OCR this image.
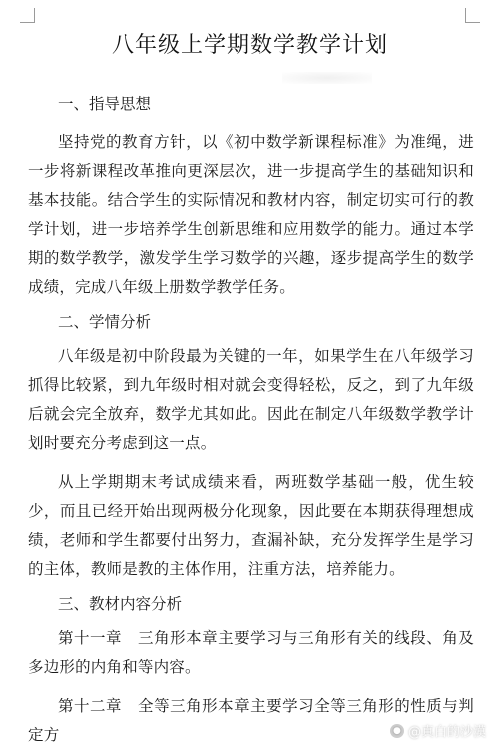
八年级上学期数学教学计划

一、指导思想

坚持党的教育方针，以《初中数学新课程标准》为准绳，进一步将新课程改革推向更深层次，进一步提高学生的基础知识和基本技能。结合学生的实际情况和教材内容，制定切实可行的教学计划，进一步培养学生创新思维和应用数学的能力。通过本学期的数学教学，激发学生学习数学的兴趣，逐步提高学生的数学成绩，完成八年级上册数学教学任务。

二、学情分析

八年级是初中阶段最为关键的一年，如果学生在八年级学习抓得比较紧，到九年级时相对就会变得轻松，反之，到了九年级后就会完全放弃，数学尤其如此。因此在制定八年级数学教学计划时要充分考虑到这一点。

从上学期期末考试成绩来看，两班数学基础一般，优生较少，而且已经开始出现两极分化现象，因此要在本期获得理想成绩，老师和学生都要付出努力，查漏补缺，充分发挥学生是学习的主体，教师是教的主体作用，注重方法，培养能力。

三、教材内容分析

第十一章　三角形本章主要学习与三角形有关的线段、角及多边形的内角和等内容。

第十二章　全等三角形本章主要学习全等三角形的性质与判定方	● @真白的沙漠
